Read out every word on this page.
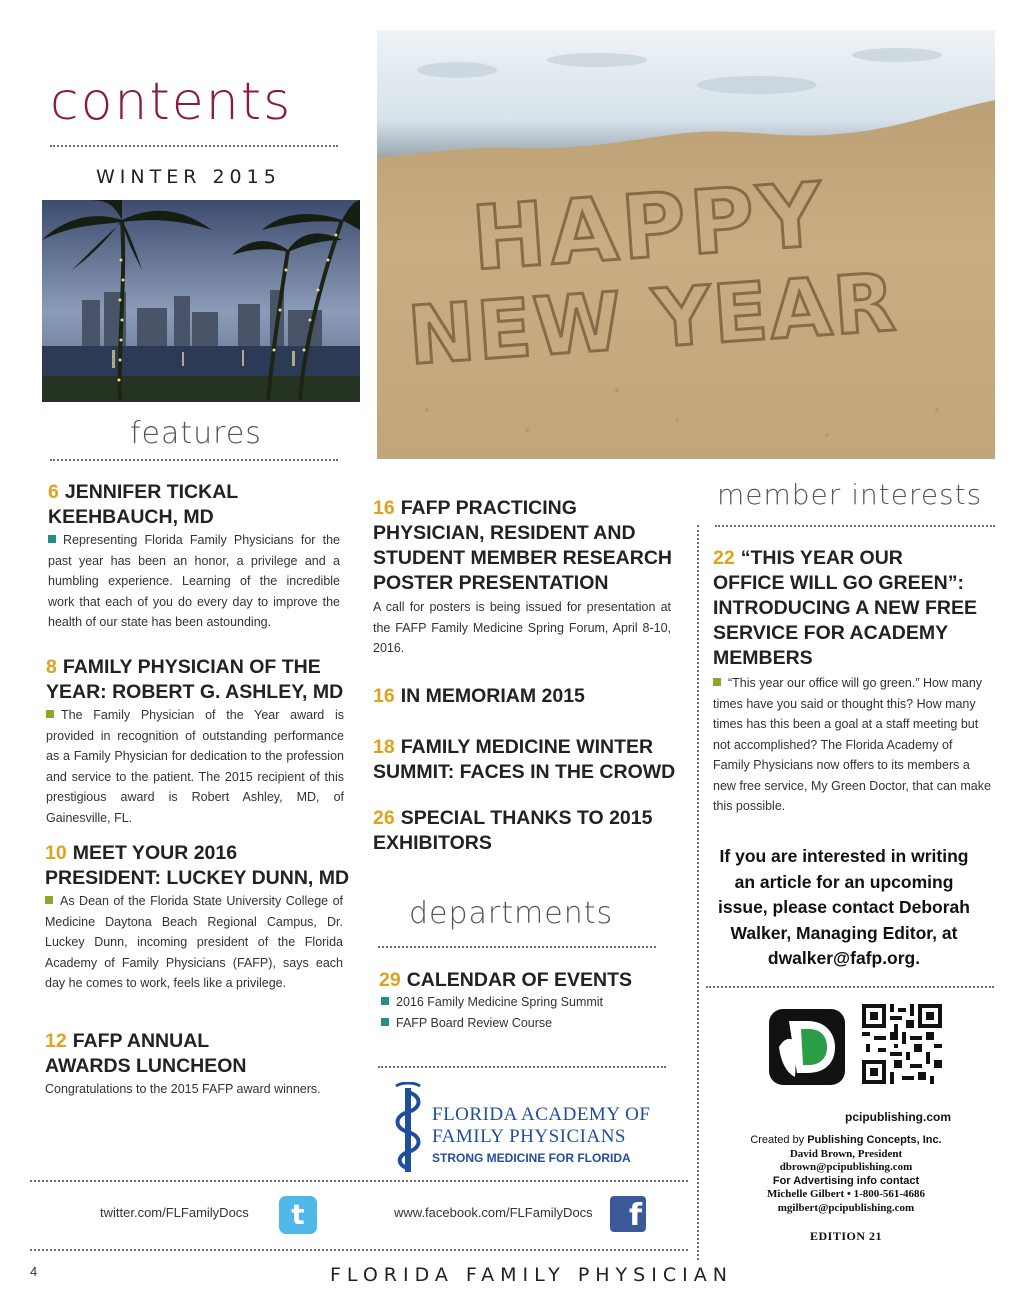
contents
WINTER 2015
features
6 JENNIFER TICKAL
KEEHBAUCH, MD
Representing Florida Family Physicians for the past year has been an honor, a privilege and a humbling experience. Learning of the incredible work that each of you do every day to improve the health of our state has been astounding.
8 FAMILY PHYSICIAN OF THE
YEAR: ROBERT G. ASHLEY, MD
The Family Physician of the Year award is provided in recognition of outstanding performance as a Family Physician for dedication to the profession and service to the patient. The 2015 recipient of this prestigious award is Robert Ashley, MD, of Gainesville, FL.
10 MEET YOUR 2016
PRESIDENT: LUCKEY DUNN, MD
As Dean of the Florida State University College of Medicine Daytona Beach Regional Campus, Dr. Luckey Dunn, incoming president of the Florida Academy of Family Physicians (FAFP), says each day he comes to work, feels like a privilege.
12 FAFP ANNUAL
AWARDS LUNCHEON
Congratulations to the 2015 FAFP award winners.
HAPPY
NEW YEAR
16 FAFP PRACTICING
PHYSICIAN, RESIDENT AND
STUDENT MEMBER RESEARCH
POSTER PRESENTATION
A call for posters is being issued for presentation at the FAFP Family Medicine Spring Forum, April 8-10, 2016.
16 IN MEMORIAM 2015
18 FAMILY MEDICINE WINTER
SUMMIT: FACES IN THE CROWD
26 SPECIAL THANKS TO 2015
EXHIBITORS
departments
29 CALENDAR OF EVENTS
2016 Family Medicine Spring Summit
FAFP Board Review Course
FLORIDA ACADEMY OF
FAMILY PHYSICIANS
STRONG MEDICINE FOR FLORIDA
member interests
22 “THIS YEAR OUR
OFFICE WILL GO GREEN”:
INTRODUCING A NEW FREE
SERVICE FOR ACADEMY
MEMBERS
“This year our office will go green.” How many times have you said or thought this? How many times has this been a goal at a staff meeting but not accomplished? The Florida Academy of Family Physicians now offers to its members a new free service, My Green Doctor, that can make this possible.
If you are interested in writing
an article for an upcoming
issue, please contact Deborah
Walker, Managing Editor, at
dwalker@fafp.org.
pcipublishing.com
Created by Publishing Concepts, Inc.
David Brown, President
dbrown@pcipublishing.com
For Advertising info contact
Michelle Gilbert • 1-800-561-4686
mgilbert@pcipublishing.com
EDITION 21
twitter.com/FLFamilyDocs	t	www.facebook.com/FLFamilyDocs	f
4	FLORIDA FAMILY PHYSICIAN
